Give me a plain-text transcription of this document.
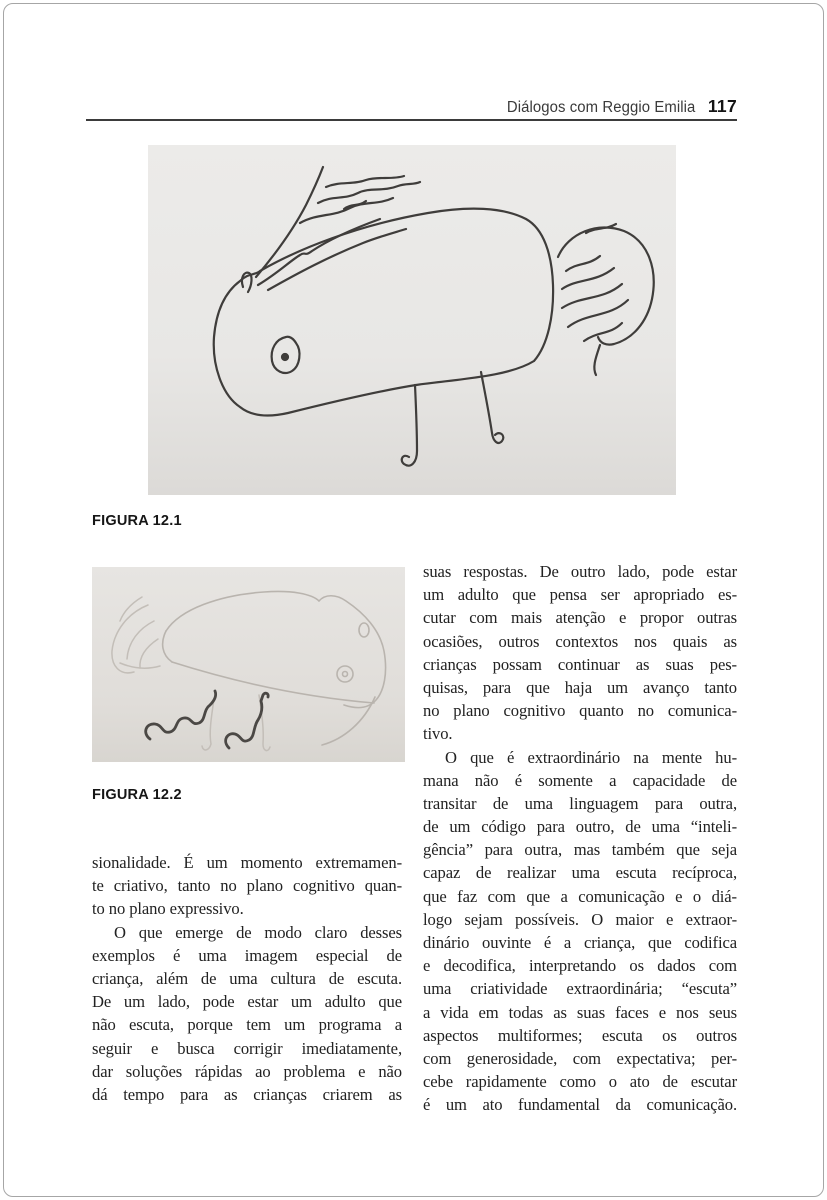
Diálogos com Reggio Emilia 117
FIGURA 12.1
FIGURA 12.2
sionalidade. É um momento extremamen-
te criativo, tanto no plano cognitivo quan-
to no plano expressivo.
O que emerge de modo claro desses
exemplos é uma imagem especial de
criança, além de uma cultura de escuta.
De um lado, pode estar um adulto que
não escuta, porque tem um programa a
seguir e busca corrigir imediatamente,
dar soluções rápidas ao problema e não
dá tempo para as crianças criarem as
suas respostas. De outro lado, pode estar
um adulto que pensa ser apropriado es-
cutar com mais atenção e propor outras
ocasiões, outros contextos nos quais as
crianças possam continuar as suas pes-
quisas, para que haja um avanço tanto
no plano cognitivo quanto no comunica-
tivo.
O que é extraordinário na mente hu-
mana não é somente a capacidade de
transitar de uma linguagem para outra,
de um código para outro, de uma “inteli-
gência” para outra, mas também que seja
capaz de realizar uma escuta recíproca,
que faz com que a comunicação e o diá-
logo sejam possíveis. O maior e extraor-
dinário ouvinte é a criança, que codifica
e decodifica, interpretando os dados com
uma criatividade extraordinária; “escuta”
a vida em todas as suas faces e nos seus
aspectos multiformes; escuta os outros
com generosidade, com expectativa; per-
cebe rapidamente como o ato de escutar
é um ato fundamental da comunicação.
